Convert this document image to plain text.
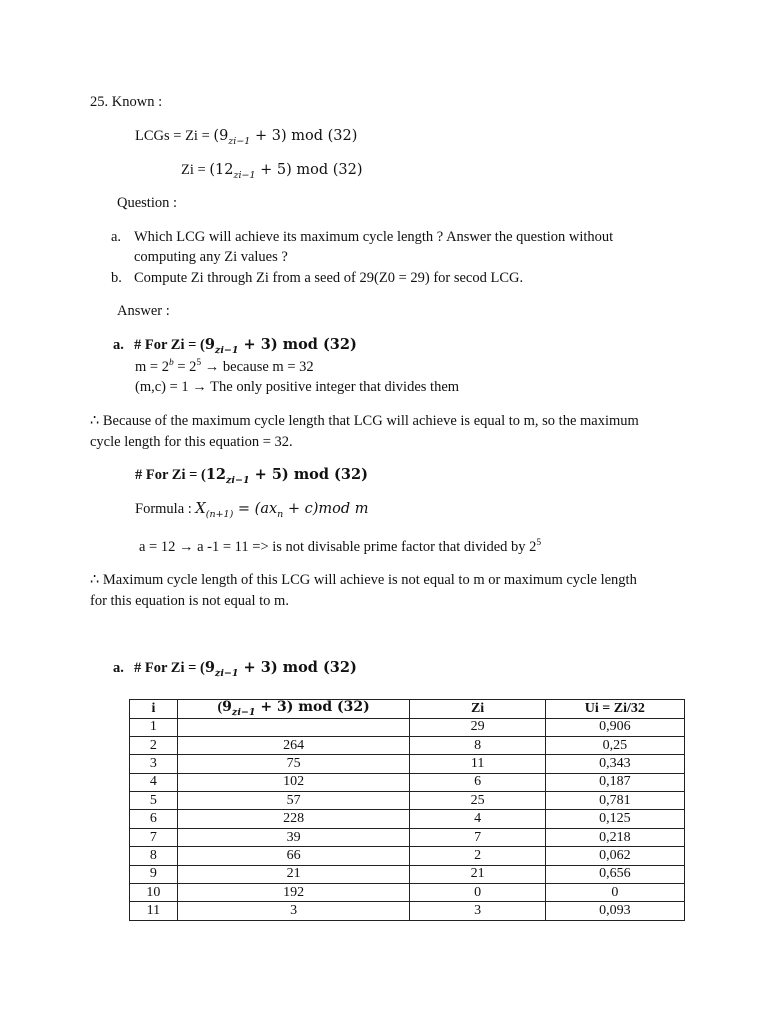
25. Known :
LCGs = $Zi = (9_{zi-1} + 3)$ mod (32)
$Zi = (12_{zi-1} + 5)$ mod (32)
Question :
a. Which LCG will achieve its maximum cycle length ? Answer the question without
computing any Zi values ?
b. Compute Zi through Zi from a seed of 29(Z0 = 29) for secod LCG.
Answer :
a. # For $Zi = (9_{zi-1} + 3)$ mod (32)
$m = 2^b = 2^5$ → because m = 32
(m,c) = 1 → The only positive integer that divides them
∴ Because of the maximum cycle length that LCG will achieve is equal to m, so the maximum
cycle length for this equation = 32.
# For $Zi = (12_{zi-1} + 5)$ mod (32)
Formula : $X_{(n+1)} = (ax_n + c)mod$ m
a = 12 → a -1 = 11 => is not divisable prime factor that divided by $2^5$
∴ Maximum cycle length of this LCG will achieve is not equal to m or maximum cycle length
for this equation is not equal to m.
a. # For $Zi = (9_{zi-1} + 3)$ mod (32)
i	$(9_{zi-1} + 3)$ mod (32)	Zi	Ui = Zi/32
1		29	0,906
2	264	8	0,25
3	75	11	0,343
4	102	6	0,187
5	57	25	0,781
6	228	4	0,125
7	39	7	0,218
8	66	2	0,062
9	21	21	0,656
10	192	0	0
11	3	3	0,093
